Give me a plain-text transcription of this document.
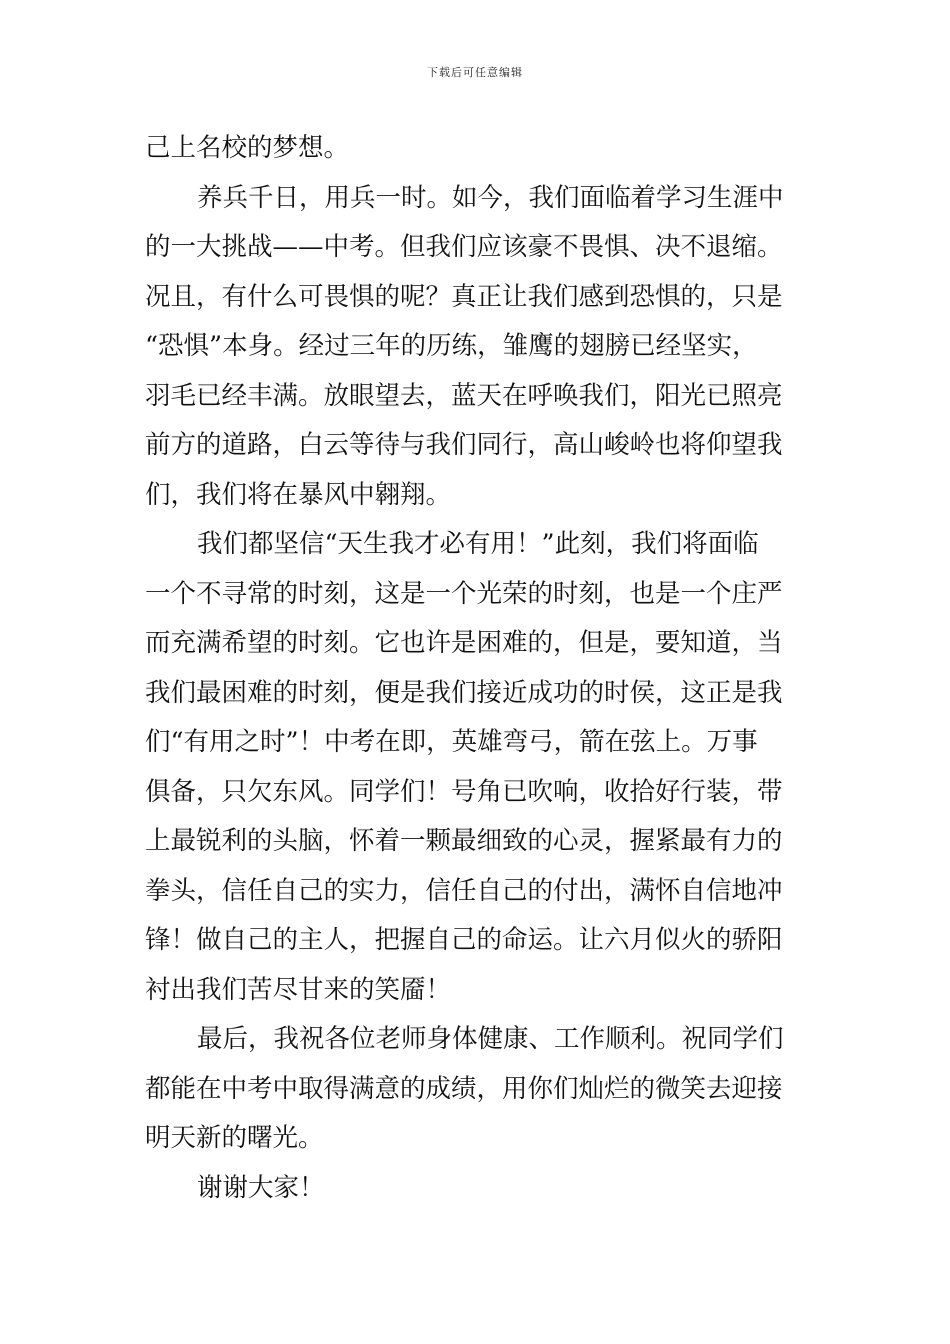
下载后可任意编辑
己上名校的梦想。
养兵千日，用兵一时。如今，我们面临着学习生涯中
的一大挑战——中考。但我们应该豪不畏惧、决不退缩。
况且，有什么可畏惧的呢？真正让我们感到恐惧的，只是
“恐惧”本身。经过三年的历练，雏鹰的翅膀已经坚实，
羽毛已经丰满。放眼望去，蓝天在呼唤我们，阳光已照亮
前方的道路，白云等待与我们同行，高山峻岭也将仰望我
们，我们将在暴风中翱翔。
我们都坚信“天生我才必有用！”此刻，我们将面临
一个不寻常的时刻，这是一个光荣的时刻，也是一个庄严
而充满希望的时刻。它也许是困难的，但是，要知道，当
我们最困难的时刻，便是我们接近成功的时侯，这正是我
们“有用之时”！中考在即，英雄弯弓，箭在弦上。万事
俱备，只欠东风。同学们！号角已吹响，收拾好行装，带
上最锐利的头脑，怀着一颗最细致的心灵，握紧最有力的
拳头，信任自己的实力，信任自己的付出，满怀自信地冲
锋！做自己的主人，把握自己的命运。让六月似火的骄阳
衬出我们苦尽甘来的笑靥！
最后，我祝各位老师身体健康、工作顺利。祝同学们
都能在中考中取得满意的成绩，用你们灿烂的微笑去迎接
明天新的曙光。
谢谢大家！
